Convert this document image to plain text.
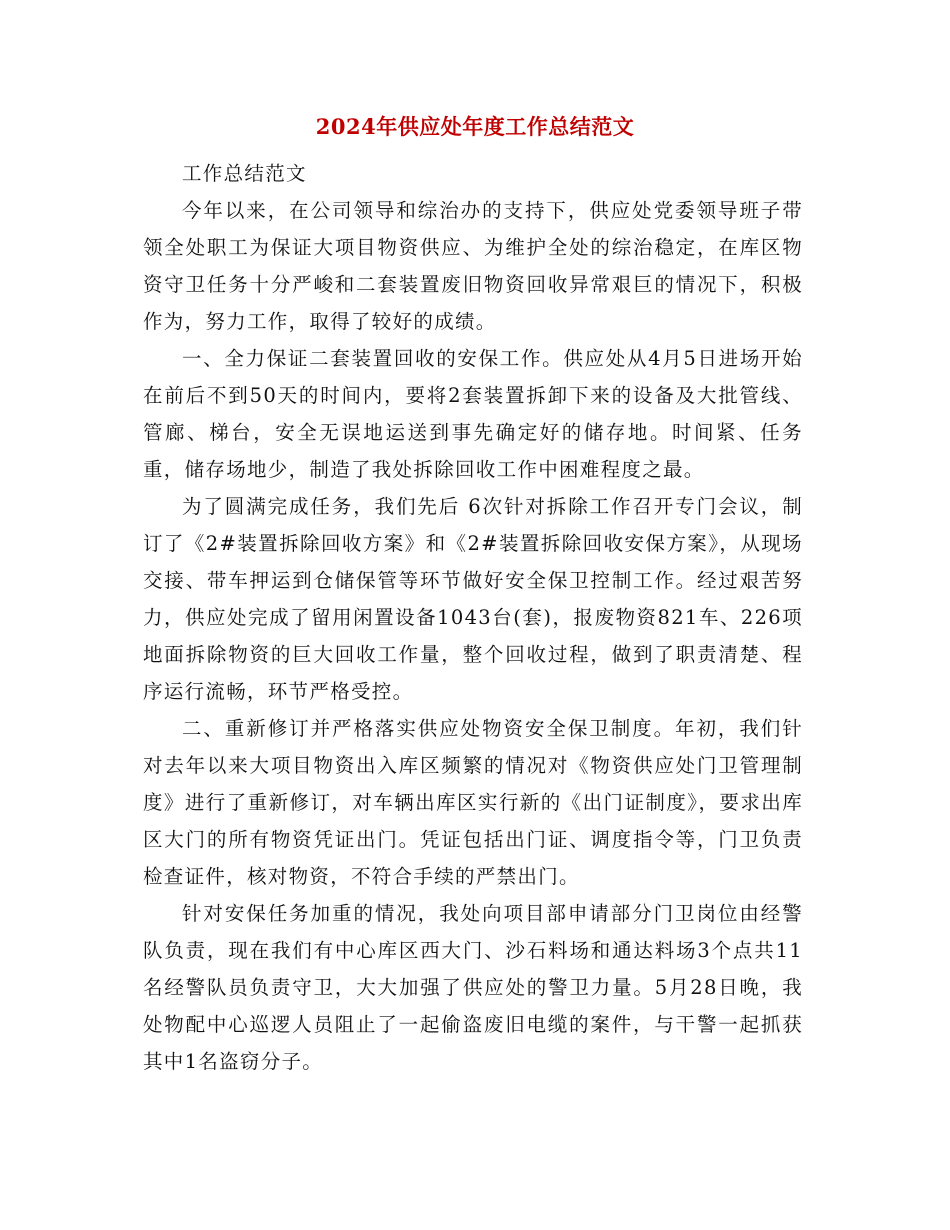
2024年供应处年度工作总结范文

工作总结范文

今年以来，在公司领导和综治办的支持下，供应处党委领导班子带领全处职工为保证大项目物资供应、为维护全处的综治稳定，在库区物资守卫任务十分严峻和二套装置废旧物资回收异常艰巨的情况下，积极作为，努力工作，取得了较好的成绩。

一、全力保证二套装置回收的安保工作。供应处从4月5日进场开始在前后不到50天的时间内，要将2套装置拆卸下来的设备及大批管线、管廊、梯台，安全无误地运送到事先确定好的储存地。时间紧、任务重，储存场地少，制造了我处拆除回收工作中困难程度之最。

为了圆满完成任务，我们先后 6次针对拆除工作召开专门会议，制订了《2#装置拆除回收方案》和《2#装置拆除回收安保方案》，从现场交接、带车押运到仓储保管等环节做好安全保卫控制工作。经过艰苦努力，供应处完成了留用闲置设备1043台(套)，报废物资821车、226项地面拆除物资的巨大回收工作量，整个回收过程，做到了职责清楚、程序运行流畅，环节严格受控。

二、重新修订并严格落实供应处物资安全保卫制度。年初，我们针对去年以来大项目物资出入库区频繁的情况对《物资供应处门卫管理制度》进行了重新修订，对车辆出库区实行新的《出门证制度》，要求出库区大门的所有物资凭证出门。凭证包括出门证、调度指令等，门卫负责检查证件，核对物资，不符合手续的严禁出门。

针对安保任务加重的情况，我处向项目部申请部分门卫岗位由经警队负责，现在我们有中心库区西大门、沙石料场和通达料场3个点共11名经警队员负责守卫，大大加强了供应处的警卫力量。5月28日晚，我处物配中心巡逻人员阻止了一起偷盗废旧电缆的案件，与干警一起抓获其中1名盗窃分子。
